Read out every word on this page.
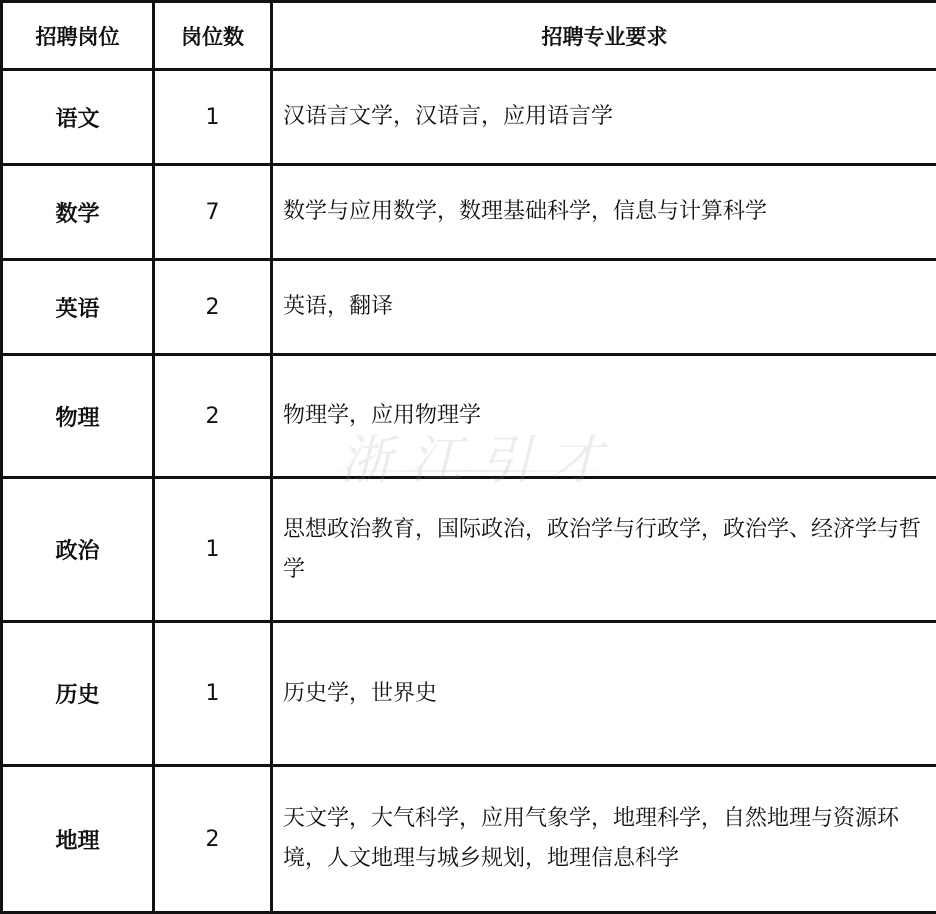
招聘岗位	岗位数	招聘专业要求
语文	1	汉语言文学，汉语言，应用语言学
数学	7	数学与应用数学，数理基础科学，信息与计算科学
英语	2	英语，翻译
物理	2	物理学，应用物理学
政治	1	思想政治教育，国际政治，政治学与行政学，政治学、经济学与哲学
历史	1	历史学，世界史
地理	2	天文学，大气科学，应用气象学，地理科学，自然地理与资源环境，人文地理与城乡规划，地理信息科学
浙江引才
